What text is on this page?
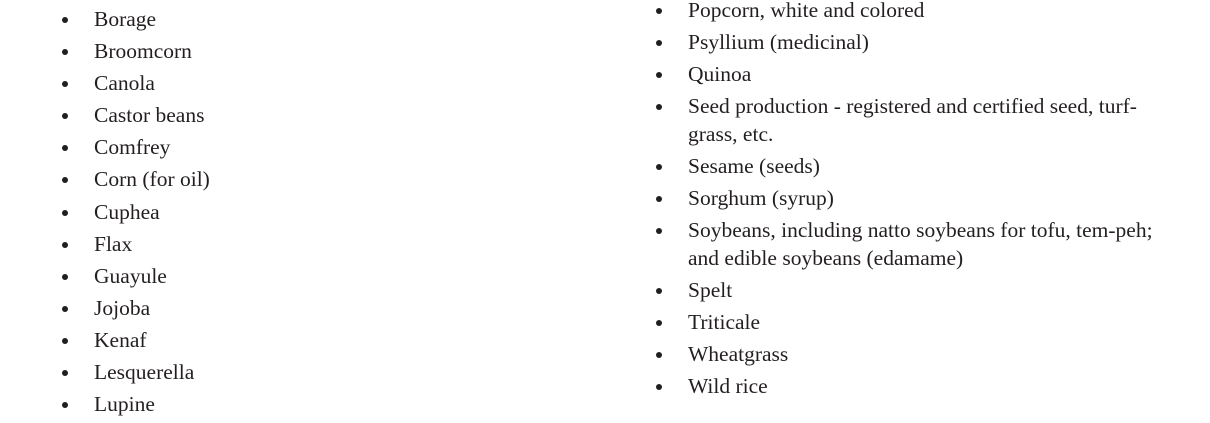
Borage
Broomcorn
Canola
Castor beans
Comfrey
Corn (for oil)
Cuphea
Flax
Guayule
Jojoba
Kenaf
Lesquerella
Lupine
Popcorn, white and colored
Psyllium (medicinal)
Quinoa
Seed production - registered and certified seed, turf-grass, etc.
Sesame (seeds)
Sorghum (syrup)
Soybeans, including natto soybeans for tofu, tem-peh; and edible soybeans (edamame)
Spelt
Triticale
Wheatgrass
Wild rice
